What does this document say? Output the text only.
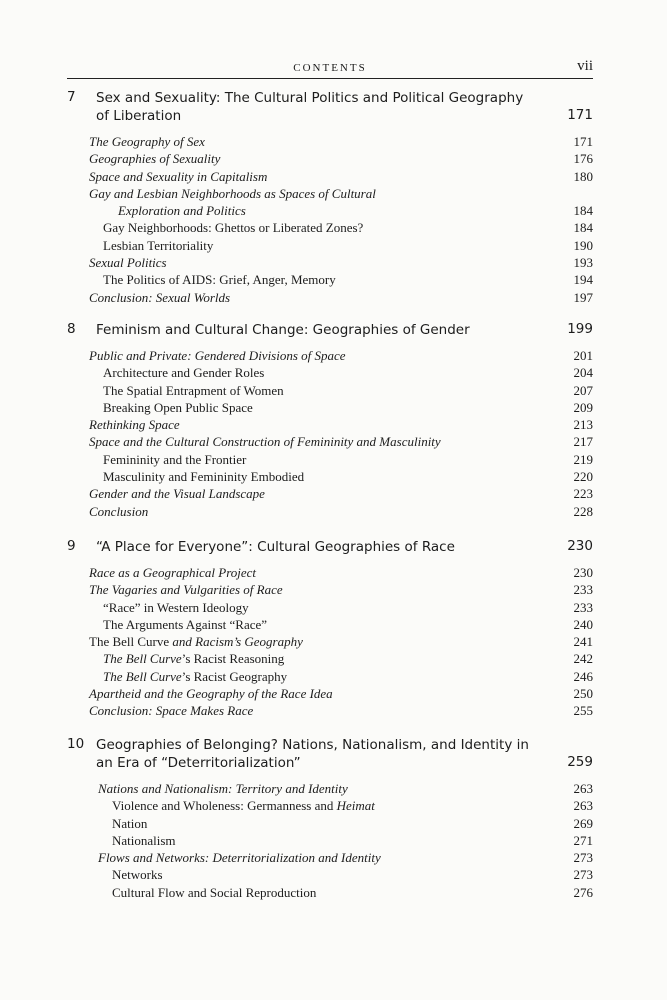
CONTENTS	vii
7 Sex and Sexuality: The Cultural Politics and Political Geography of Liberation	171
The Geography of Sex	171
Geographies of Sexuality	176
Space and Sexuality in Capitalism	180
Gay and Lesbian Neighborhoods as Spaces of Cultural
Exploration and Politics	184
Gay Neighborhoods: Ghettos or Liberated Zones?	184
Lesbian Territoriality	190
Sexual Politics	193
The Politics of AIDS: Grief, Anger, Memory	194
Conclusion: Sexual Worlds	197
8 Feminism and Cultural Change: Geographies of Gender	199
Public and Private: Gendered Divisions of Space	201
Architecture and Gender Roles	204
The Spatial Entrapment of Women	207
Breaking Open Public Space	209
Rethinking Space	213
Space and the Cultural Construction of Femininity and Masculinity	217
Femininity and the Frontier	219
Masculinity and Femininity Embodied	220
Gender and the Visual Landscape	223
Conclusion	228
9 “A Place for Everyone”: Cultural Geographies of Race	230
Race as a Geographical Project	230
The Vagaries and Vulgarities of Race	233
“Race” in Western Ideology	233
The Arguments Against “Race”	240
The Bell Curve and Racism’s Geography	241
The Bell Curve’s Racist Reasoning	242
The Bell Curve’s Racist Geography	246
Apartheid and the Geography of the Race Idea	250
Conclusion: Space Makes Race	255
10 Geographies of Belonging? Nations, Nationalism, and Identity in an Era of “Deterritorialization”	259
Nations and Nationalism: Territory and Identity	263
Violence and Wholeness: Germanness and Heimat	263
Nation	269
Nationalism	271
Flows and Networks: Deterritorialization and Identity	273
Networks	273
Cultural Flow and Social Reproduction	276
